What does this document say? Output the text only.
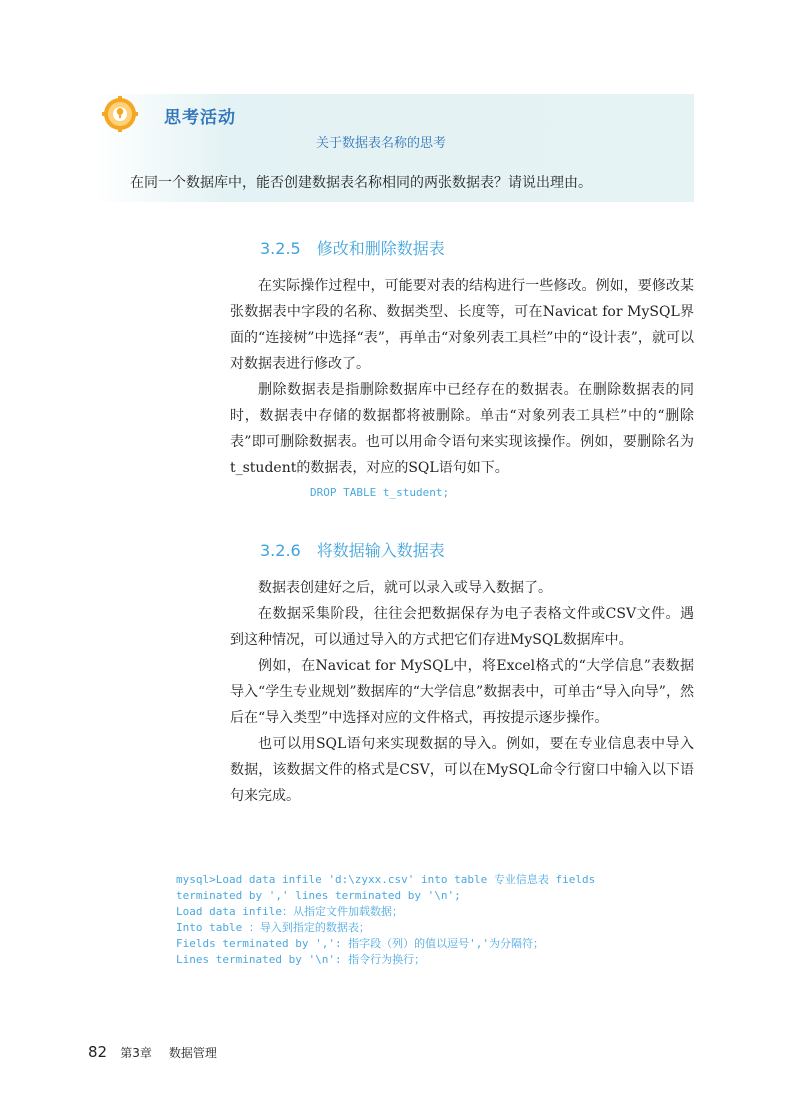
思考活动
关于数据表名称的思考
在同一个数据库中，能否创建数据表名称相同的两张数据表？请说出理由。
3.2.5 修改和删除数据表

在实际操作过程中，可能要对表的结构进行一些修改。例如，要修改某张数据表中字段的名称、数据类型、长度等，可在Navicat for MySQL界面的“连接树”中选择“表”，再单击“对象列表工具栏”中的“设计表”，就可以对数据表进行修改了。

删除数据表是指删除数据库中已经存在的数据表。在删除数据表的同时，数据表中存储的数据都将被删除。单击“对象列表工具栏”中的“删除表”即可删除数据表。也可以用命令语句来实现该操作。例如，要删除名为t_student的数据表，对应的SQL语句如下。

DROP TABLE t_student;
3.2.6 将数据输入数据表

数据表创建好之后，就可以录入或导入数据了。

在数据采集阶段，往往会把数据保存为电子表格文件或CSV文件。遇到这种情况，可以通过导入的方式把它们存进MySQL数据库中。

例如，在Navicat for MySQL中，将Excel格式的“大学信息”表数据导入“学生专业规划”数据库的“大学信息”数据表中，可单击“导入向导”，然后在“导入类型”中选择对应的文件格式，再按提示逐步操作。

也可以用SQL语句来实现数据的导入。例如，要在专业信息表中导入数据，该数据文件的格式是CSV，可以在MySQL命令行窗口中输入以下语句来完成。

mysql>Load data infile 'd:\zyxx.csv' into table 专业信息表 fields
terminated by ',' lines terminated by '\n';
Load data infile：从指定文件加载数据；
Into table ：导入到指定的数据表；
Fields terminated by ',': 指字段（列）的值以逗号','为分隔符；
Lines terminated by '\n': 指令行为换行；
82 第3章 数据管理
